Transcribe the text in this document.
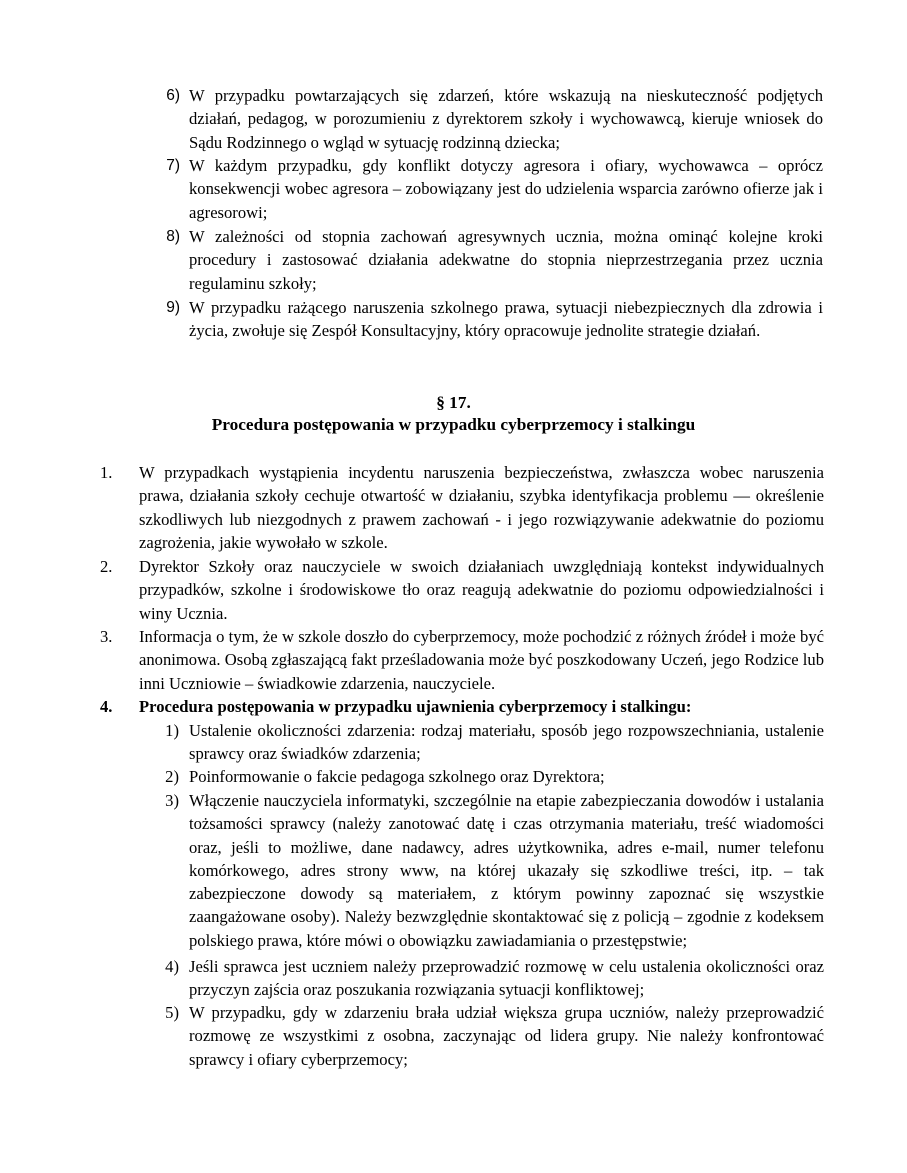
6) W przypadku powtarzających się zdarzeń, które wskazują na nieskuteczność podjętych działań, pedagog, w porozumieniu z dyrektorem szkoły i wychowawcą, kieruje wniosek do Sądu Rodzinnego o wgląd w sytuację rodzinną dziecka;
7) W każdym przypadku, gdy konflikt dotyczy agresora i ofiary, wychowawca – oprócz konsekwencji wobec agresora – zobowiązany jest do udzielenia wsparcia zarówno ofierze jak i agresorowi;
8) W zależności od stopnia zachowań agresywnych ucznia, można ominąć kolejne kroki procedury i zastosować działania adekwatne do stopnia nieprzestrzegania przez ucznia regulaminu szkoły;
9) W przypadku rażącego naruszenia szkolnego prawa, sytuacji niebezpiecznych dla zdrowia i życia, zwołuje się Zespół Konsultacyjny, który opracowuje jednolite strategie działań.
§ 17.
Procedura postępowania w przypadku cyberprzemocy i stalkingu
1.	W przypadkach wystąpienia incydentu naruszenia bezpieczeństwa, zwłaszcza wobec naruszenia prawa, działania szkoły cechuje otwartość w działaniu, szybka identyfikacja problemu — określenie szkodliwych lub niezgodnych z prawem zachowań - i jego rozwiązywanie adekwatnie do poziomu zagrożenia, jakie wywołało w szkole.
2.	Dyrektor Szkoły oraz nauczyciele w swoich działaniach uwzględniają kontekst indywidualnych przypadków, szkolne i środowiskowe tło oraz reagują adekwatnie do poziomu odpowiedzialności i winy Ucznia.
3.	Informacja o tym, że w szkole doszło do cyberprzemocy, może pochodzić z różnych źródeł i może być anonimowa. Osobą zgłaszającą fakt prześladowania może być poszkodowany Uczeń, jego Rodzice lub inni Uczniowie – świadkowie zdarzenia, nauczyciele.
4.	Procedura postępowania w przypadku ujawnienia cyberprzemocy i stalkingu:
1) Ustalenie okoliczności zdarzenia: rodzaj materiału, sposób jego rozpowszechniania, ustalenie sprawcy oraz świadków zdarzenia;
2) Poinformowanie o fakcie pedagoga szkolnego oraz Dyrektora;
3) Włączenie nauczyciela informatyki, szczególnie na etapie zabezpieczania dowodów i ustalania tożsamości sprawcy (należy zanotować datę i czas otrzymania materiału, treść wiadomości oraz, jeśli to możliwe, dane nadawcy, adres użytkownika, adres e-mail, numer telefonu komórkowego, adres strony www, na której ukazały się szkodliwe treści, itp. – tak zabezpieczone dowody są materiałem, z którym powinny zapoznać się wszystkie zaangażowane osoby). Należy bezwzględnie skontaktować się z policją – zgodnie z kodeksem polskiego prawa, które mówi o obowiązku zawiadamiania o przestępstwie;
4) Jeśli sprawca jest uczniem należy przeprowadzić rozmowę w celu ustalenia okoliczności oraz przyczyn zajścia oraz poszukania rozwiązania sytuacji konfliktowej;
5) W przypadku, gdy w zdarzeniu brała udział większa grupa uczniów, należy przeprowadzić rozmowę ze wszystkimi z osobna, zaczynając od lidera grupy. Nie należy konfrontować sprawcy i ofiary cyberprzemocy;
